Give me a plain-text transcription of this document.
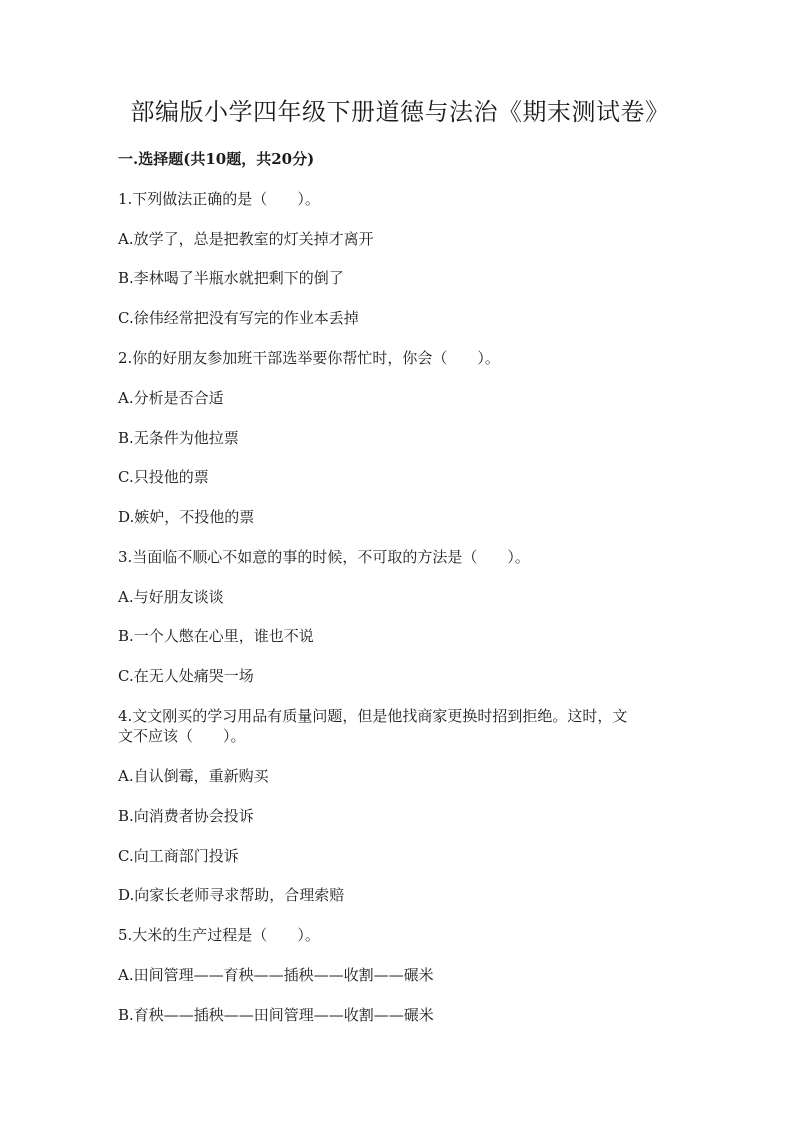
部编版小学四年级下册道德与法治《期末测试卷》
一.选择题(共10题，共20分)
1.下列做法正确的是（　　）。
A.放学了，总是把教室的灯关掉才离开
B.李林喝了半瓶水就把剩下的倒了
C.徐伟经常把没有写完的作业本丢掉
2.你的好朋友参加班干部选举要你帮忙时，你会（　　）。
A.分析是否合适
B.无条件为他拉票
C.只投他的票
D.嫉妒，不投他的票
3.当面临不顺心不如意的事的时候，不可取的方法是（　　）。
A.与好朋友谈谈
B.一个人憋在心里，谁也不说
C.在无人处痛哭一场
4.文文刚买的学习用品有质量问题，但是他找商家更换时招到拒绝。这时，文
文不应该（　　）。
A.自认倒霉，重新购买
B.向消费者协会投诉
C.向工商部门投诉
D.向家长老师寻求帮助，合理索赔
5.大米的生产过程是（　　）。
A.田间管理——育秧——插秧——收割——碾米
B.育秧——插秧——田间管理——收割——碾米
